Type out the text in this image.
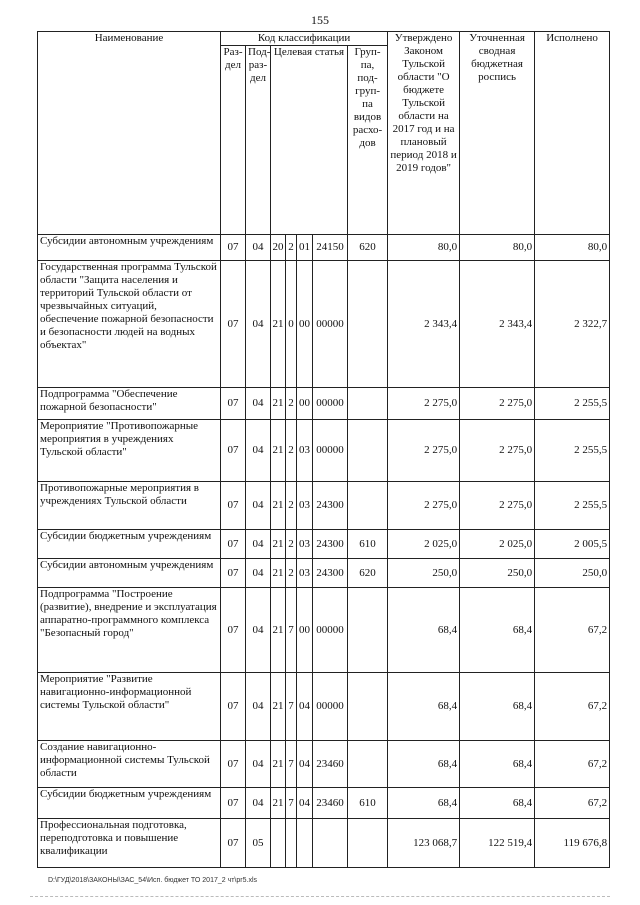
155
Наименование	Код классификации							Утверждено Законом Тульской области "О бюджете Тульской области на 2017 год и на плановый период 2018 и 2019 годов"	Уточненная сводная бюджетная роспись	Исполнено
	Раз-дел	Под-раз-дел	Целевая статья				Груп-па, под-груп-па видов расхо-дов			
Субсидии автономным учреждениям	07	04	20	2	01	24150	620	80,0	80,0	80,0
Государственная программа Тульской области "Защита населения и территорий Тульской области от чрезвычайных ситуаций, обеспечение пожарной безопасности и безопасности людей на водных объектах"	07	04	21	0	00	00000		2 343,4	2 343,4	2 322,7
Подпрограмма "Обеспечение пожарной безопасности"	07	04	21	2	00	00000		2 275,0	2 275,0	2 255,5
Мероприятие "Противопожарные мероприятия в учреждениях Тульской области"	07	04	21	2	03	00000		2 275,0	2 275,0	2 255,5
Противопожарные мероприятия в учреждениях Тульской области	07	04	21	2	03	24300		2 275,0	2 275,0	2 255,5
Субсидии бюджетным учреждениям	07	04	21	2	03	24300	610	2 025,0	2 025,0	2 005,5
Субсидии автономным учреждениям	07	04	21	2	03	24300	620	250,0	250,0	250,0
Подпрограмма "Построение (развитие), внедрение и эксплуатация аппаратно-программного комплекса "Безопасный город"	07	04	21	7	00	00000		68,4	68,4	67,2
Мероприятие "Развитие навигационно-информационной системы Тульской области"	07	04	21	7	04	00000		68,4	68,4	67,2
Создание навигационно-информационной системы Тульской области	07	04	21	7	04	23460		68,4	68,4	67,2
Субсидии бюджетным учреждениям	07	04	21	7	04	23460	610	68,4	68,4	67,2
Профессиональная подготовка, переподготовка и повышение квалификации	07	05						123 068,7	122 519,4	119 676,8
D:\ГУД\2018\ЗАКОНЫ\ЗАС_54\Исп. бюджет ТО 2017_2 чт\pr5.xls
